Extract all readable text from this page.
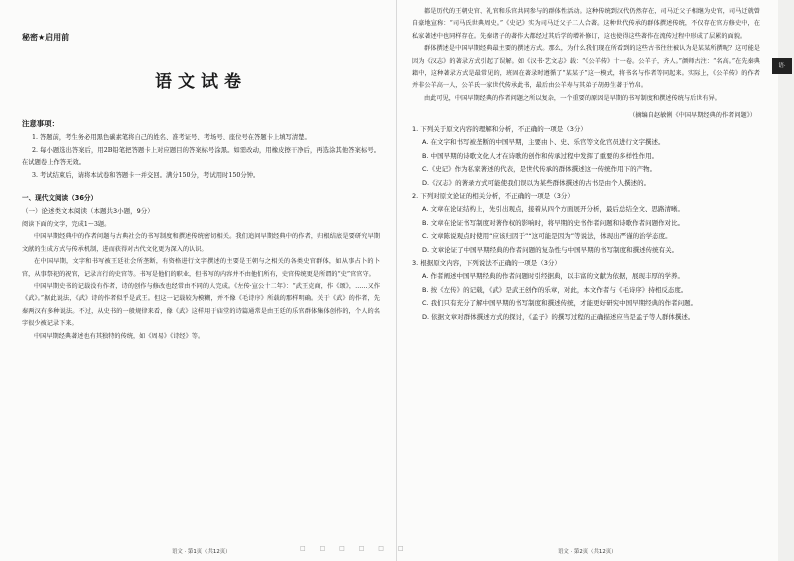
秘密★启用前

语文试卷

注意事项：

1. 答题前，考生务必用黑色碳素笔将自己的姓名、准考证号、考场号、座位号在答题卡上填写清楚。

2. 每小题选出答案后，用2B铅笔把答题卡上对应题目的答案标号涂黑。如需改动，用橡皮擦干净后，再选涂其他答案标号。在试题卷上作答无效。

3. 考试结束后，请将本试卷和答题卡一并交回。满分150分，考试用时150分钟。

一、现代文阅读（36分）

（一）论述类文本阅读（本题共3小题，9分）

阅读下面的文字，完成1～3题。

中国早期经典中的作者问题与古典社会的书写制度和撰述传统密切相关。我们追问早期经典中的作者，归根结底是要研究早期文献的生成方式与传承机制，进而获得对古代文化更为深入的认识。

在中国早期，文字和书写被王廷社会所垄断，有资格进行文字撰述的主要是王朝与之相关的各类史官群体，如从事占卜的卜官，从事祭祀的祝官，记录言行的史官等。书写是他们的职业，但书写的内容并不由他们所有，史官传统更是所谓的“史”官官守。

中国早期史书的记载没有作者，诗的创作与修改也经常由不同的人完成。《左传·宣公十二年》：“武王克商，作《颂》，……又作《武》。”据此说法，《武》诗的作者似乎是武王。但这一记载较为模糊，并不像《毛诗序》所载的那样明确。关于《武》的作者，先秦两汉有多种说法。不过，从史书的一般规律来看，像《武》这样用于庙堂的诗篇通常是由王廷的乐官群体集体创作的，个人的名字很少被记录下来。

中国早期经典著述也有其独特的传统，如《周易》《诗经》等。

都是历代的王朝史官、礼官和乐官共同参与的群体性活动。这种传统到汉代仍然存在，司马迁父子相继为史官，司马迁就曾自豪地宣称：“司马氏世典周史。”《史记》实为司马迁父子二人合著。这种世代传承的群体撰述传统，不仅存在官方修史中，在私家著述中也同样存在。先秦诸子的著作大都经过其后学的增补修订，这也使得这些著作在流传过程中形成了层累的面貌。

群体撰述是中国早期经典最主要的撰述方式。那么，为什么我们现在所看到的这些古书往往被认为是某某所撰呢？这可能是因为《汉志》的著录方式引起了误解。如《汉书·艺文志》载：“《公羊传》十一卷。公羊子，齐人。”颜师古注：“名高。”在先秦典籍中，这种著录方式是最常见的，班固在著录时遵循了“某某子”这一模式，将书名与作者等同起来。实际上，《公羊传》的作者并非公羊高一人，公羊氏一家世代传承此书，最后由公羊寿与其弟子胡毋生著于竹帛。

由此可见，中国早期经典的作者问题之所以复杂，一个重要的原因是早期的书写制度和撰述传统与后世有异。

（摘编自赵敏俐《中国早期经典的作者问题》）

1. 下列关于原文内容的理解和分析，不正确的一项是（3分）

A. 在文字和书写被垄断的中国早期，主要由卜、史、乐官等文化官员进行文字撰述。

B. 中国早期的诗歌文化人才在诗歌的创作和传承过程中发挥了重要的多样性作用。

C.《史记》作为私家著述的代表，是世代传承的群体撰述这一传统作用下的产物。

D.《汉志》的著录方式可能使我们误以为某些群体撰述的古书是由个人撰述的。

2. 下列对原文论证的相关分析，不正确的一项是（3分）

A. 文章在论证结构上，先引出观点，接着从四个方面展开分析，最后总结全文、思路清晰。

B. 文章在论证书写制度对著作权的影响时，将早期的史书作者问题和诗歌作者问题作对比。

C. 文章陈说观点时使用“应该归因于”“这可能是因为”等说法，体现出严谨的治学态度。

D. 文章论证了中国早期经典的作者问题的复杂性与中国早期的书写制度和撰述传统有关。

3. 根据原文内容，下列说法不正确的一项是（3分）

A. 作者阐述中国早期经典的作者问题时引经据典，以丰富的文献为依据，展现丰厚的学养。

B. 按《左传》的记载，《武》是武王创作的乐章，对此，本文作者与《毛诗序》持相反态度。

C. 我们只有充分了解中国早期的书写制度和撰述传统，才能更好研究中国早期经典的作者问题。

D. 依据文章对群体撰述方式的探讨，《孟子》的撰写过程的正确描述应当是孟子等人群体撰述。

语·
语文 · 第1页（共12页）	□ □ □ □ □ □	语文 · 第2页（共12页）
